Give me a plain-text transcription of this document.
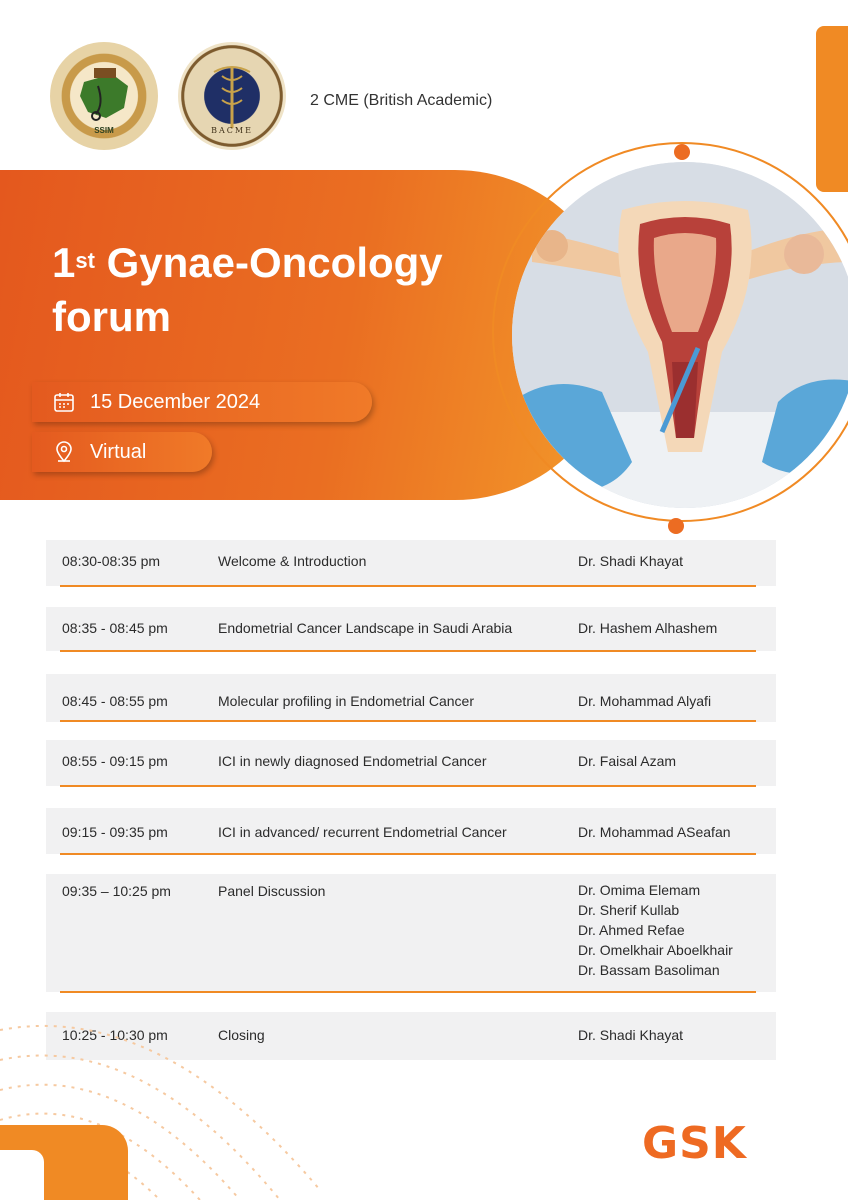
SSIM	BACME
2 CME (British Academic)
1st Gynae-Oncology
forum
15 December 2024
Virtual
08:30-08:35 pm	Welcome & Introduction	Dr. Shadi Khayat
08:35 - 08:45 pm	Endometrial Cancer Landscape in Saudi Arabia	Dr. Hashem Alhashem
08:45 - 08:55 pm	Molecular profiling in Endometrial Cancer	Dr. Mohammad Alyafi
08:55 - 09:15 pm	ICI in newly diagnosed Endometrial Cancer	Dr. Faisal Azam
09:15 - 09:35 pm	ICI in advanced/ recurrent Endometrial Cancer	Dr. Mohammad ASeafan
09:35 – 10:25 pm	Panel Discussion	Dr. Omima Elemam
Dr. Sherif Kullab
Dr. Ahmed Refae
Dr. Omelkhair Aboelkhair
Dr. Bassam Basoliman
10:25 - 10:30 pm	Closing	Dr. Shadi Khayat
GSK
